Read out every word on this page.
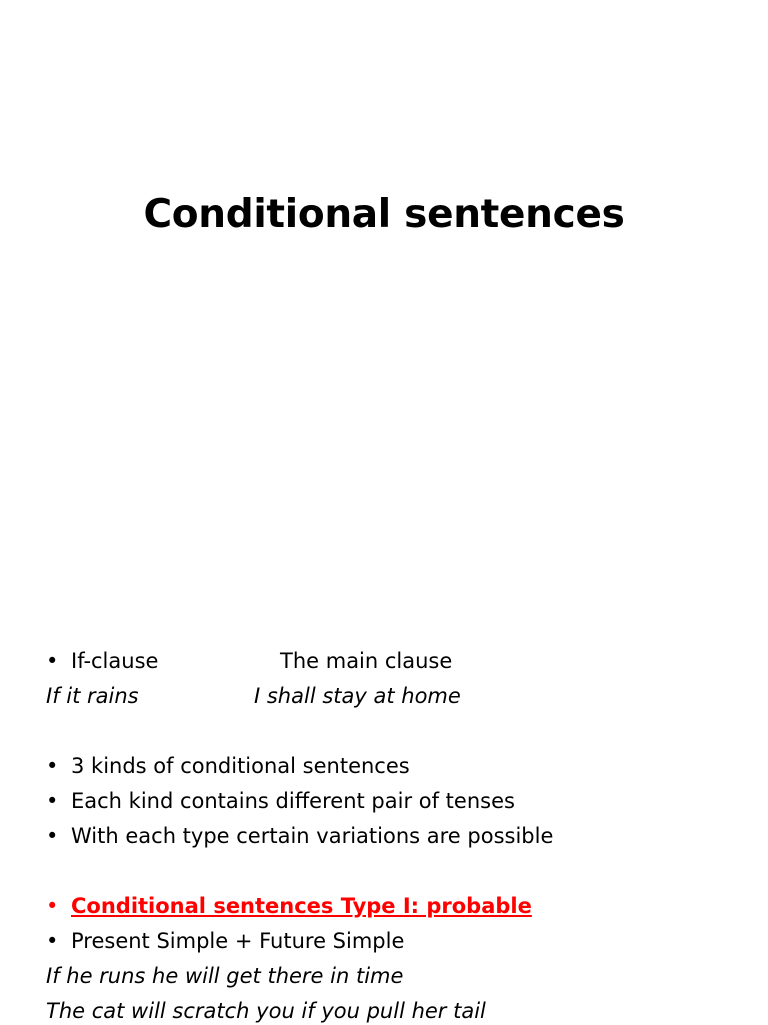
Conditional sentences
• If-clause	The main clause
If it rains	I shall stay at home
• 3 kinds of conditional sentences
• Each kind contains different pair of tenses
• With each type certain variations are possible
• Conditional sentences Type I: probable
• Present Simple + Future Simple
If he runs he will get there in time
The cat will scratch you if you pull her tail
